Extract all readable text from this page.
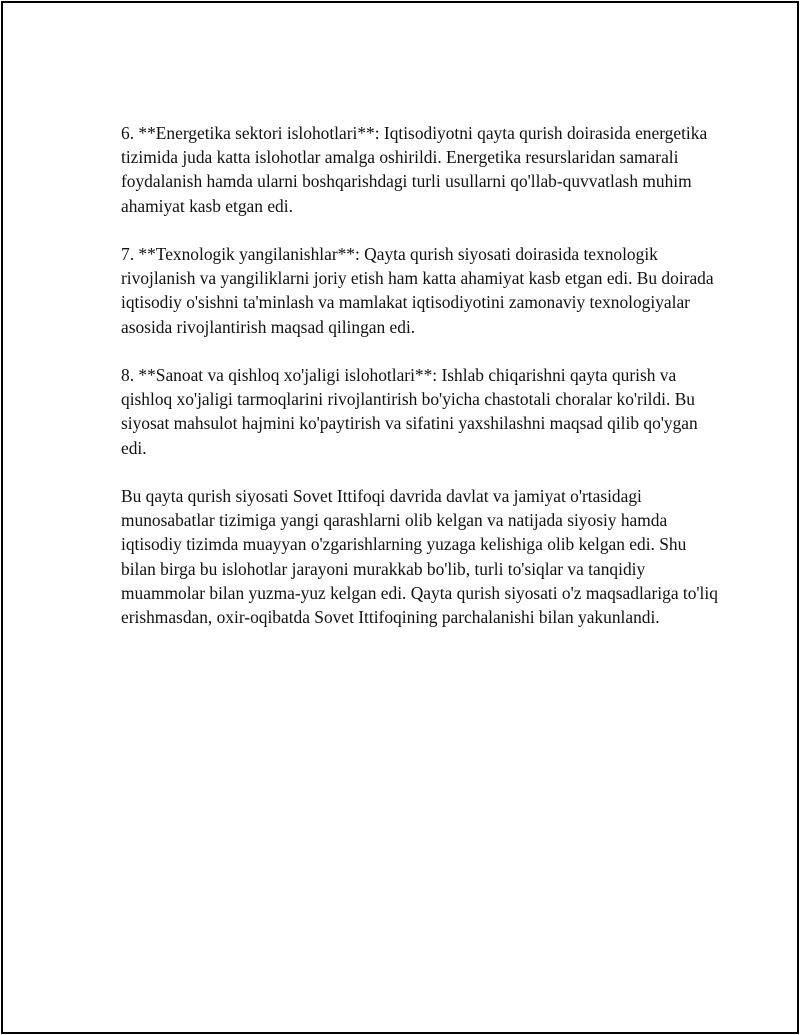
6. **Energetika sektori islohotlari**: Iqtisodiyotni qayta qurish doirasida energetika tizimida juda katta islohotlar amalga oshirildi. Energetika resurslaridan samarali foydalanish hamda ularni boshqarishdagi turli usullarni qo'llab-quvvatlash muhim ahamiyat kasb etgan edi.

7. **Texnologik yangilanishlar**: Qayta qurish siyosati doirasida texnologik rivojlanish va yangiliklarni joriy etish ham katta ahamiyat kasb etgan edi. Bu doirada iqtisodiy o'sishni ta'minlash va mamlakat iqtisodiyotini zamonaviy texnologiyalar asosida rivojlantirish maqsad qilingan edi.

8. **Sanoat va qishloq xo'jaligi islohotlari**: Ishlab chiqarishni qayta qurish va qishloq xo'jaligi tarmoqlarini rivojlantirish bo'yicha chastotali choralar ko'rildi. Bu siyosat mahsulot hajmini ko'paytirish va sifatini yaxshilashni maqsad qilib qo'ygan edi.

Bu qayta qurish siyosati Sovet Ittifoqi davrida davlat va jamiyat o'rtasidagi munosabatlar tizimiga yangi qarashlarni olib kelgan va natijada siyosiy hamda iqtisodiy tizimda muayyan o'zgarishlarning yuzaga kelishiga olib kelgan edi. Shu bilan birga bu islohotlar jarayoni murakkab bo'lib, turli to'siqlar va tanqidiy muammolar bilan yuzma-yuz kelgan edi. Qayta qurish siyosati o'z maqsadlariga to'liq erishmasdan, oxir-oqibatda Sovet Ittifoqining parchalanishi bilan yakunlandi.
